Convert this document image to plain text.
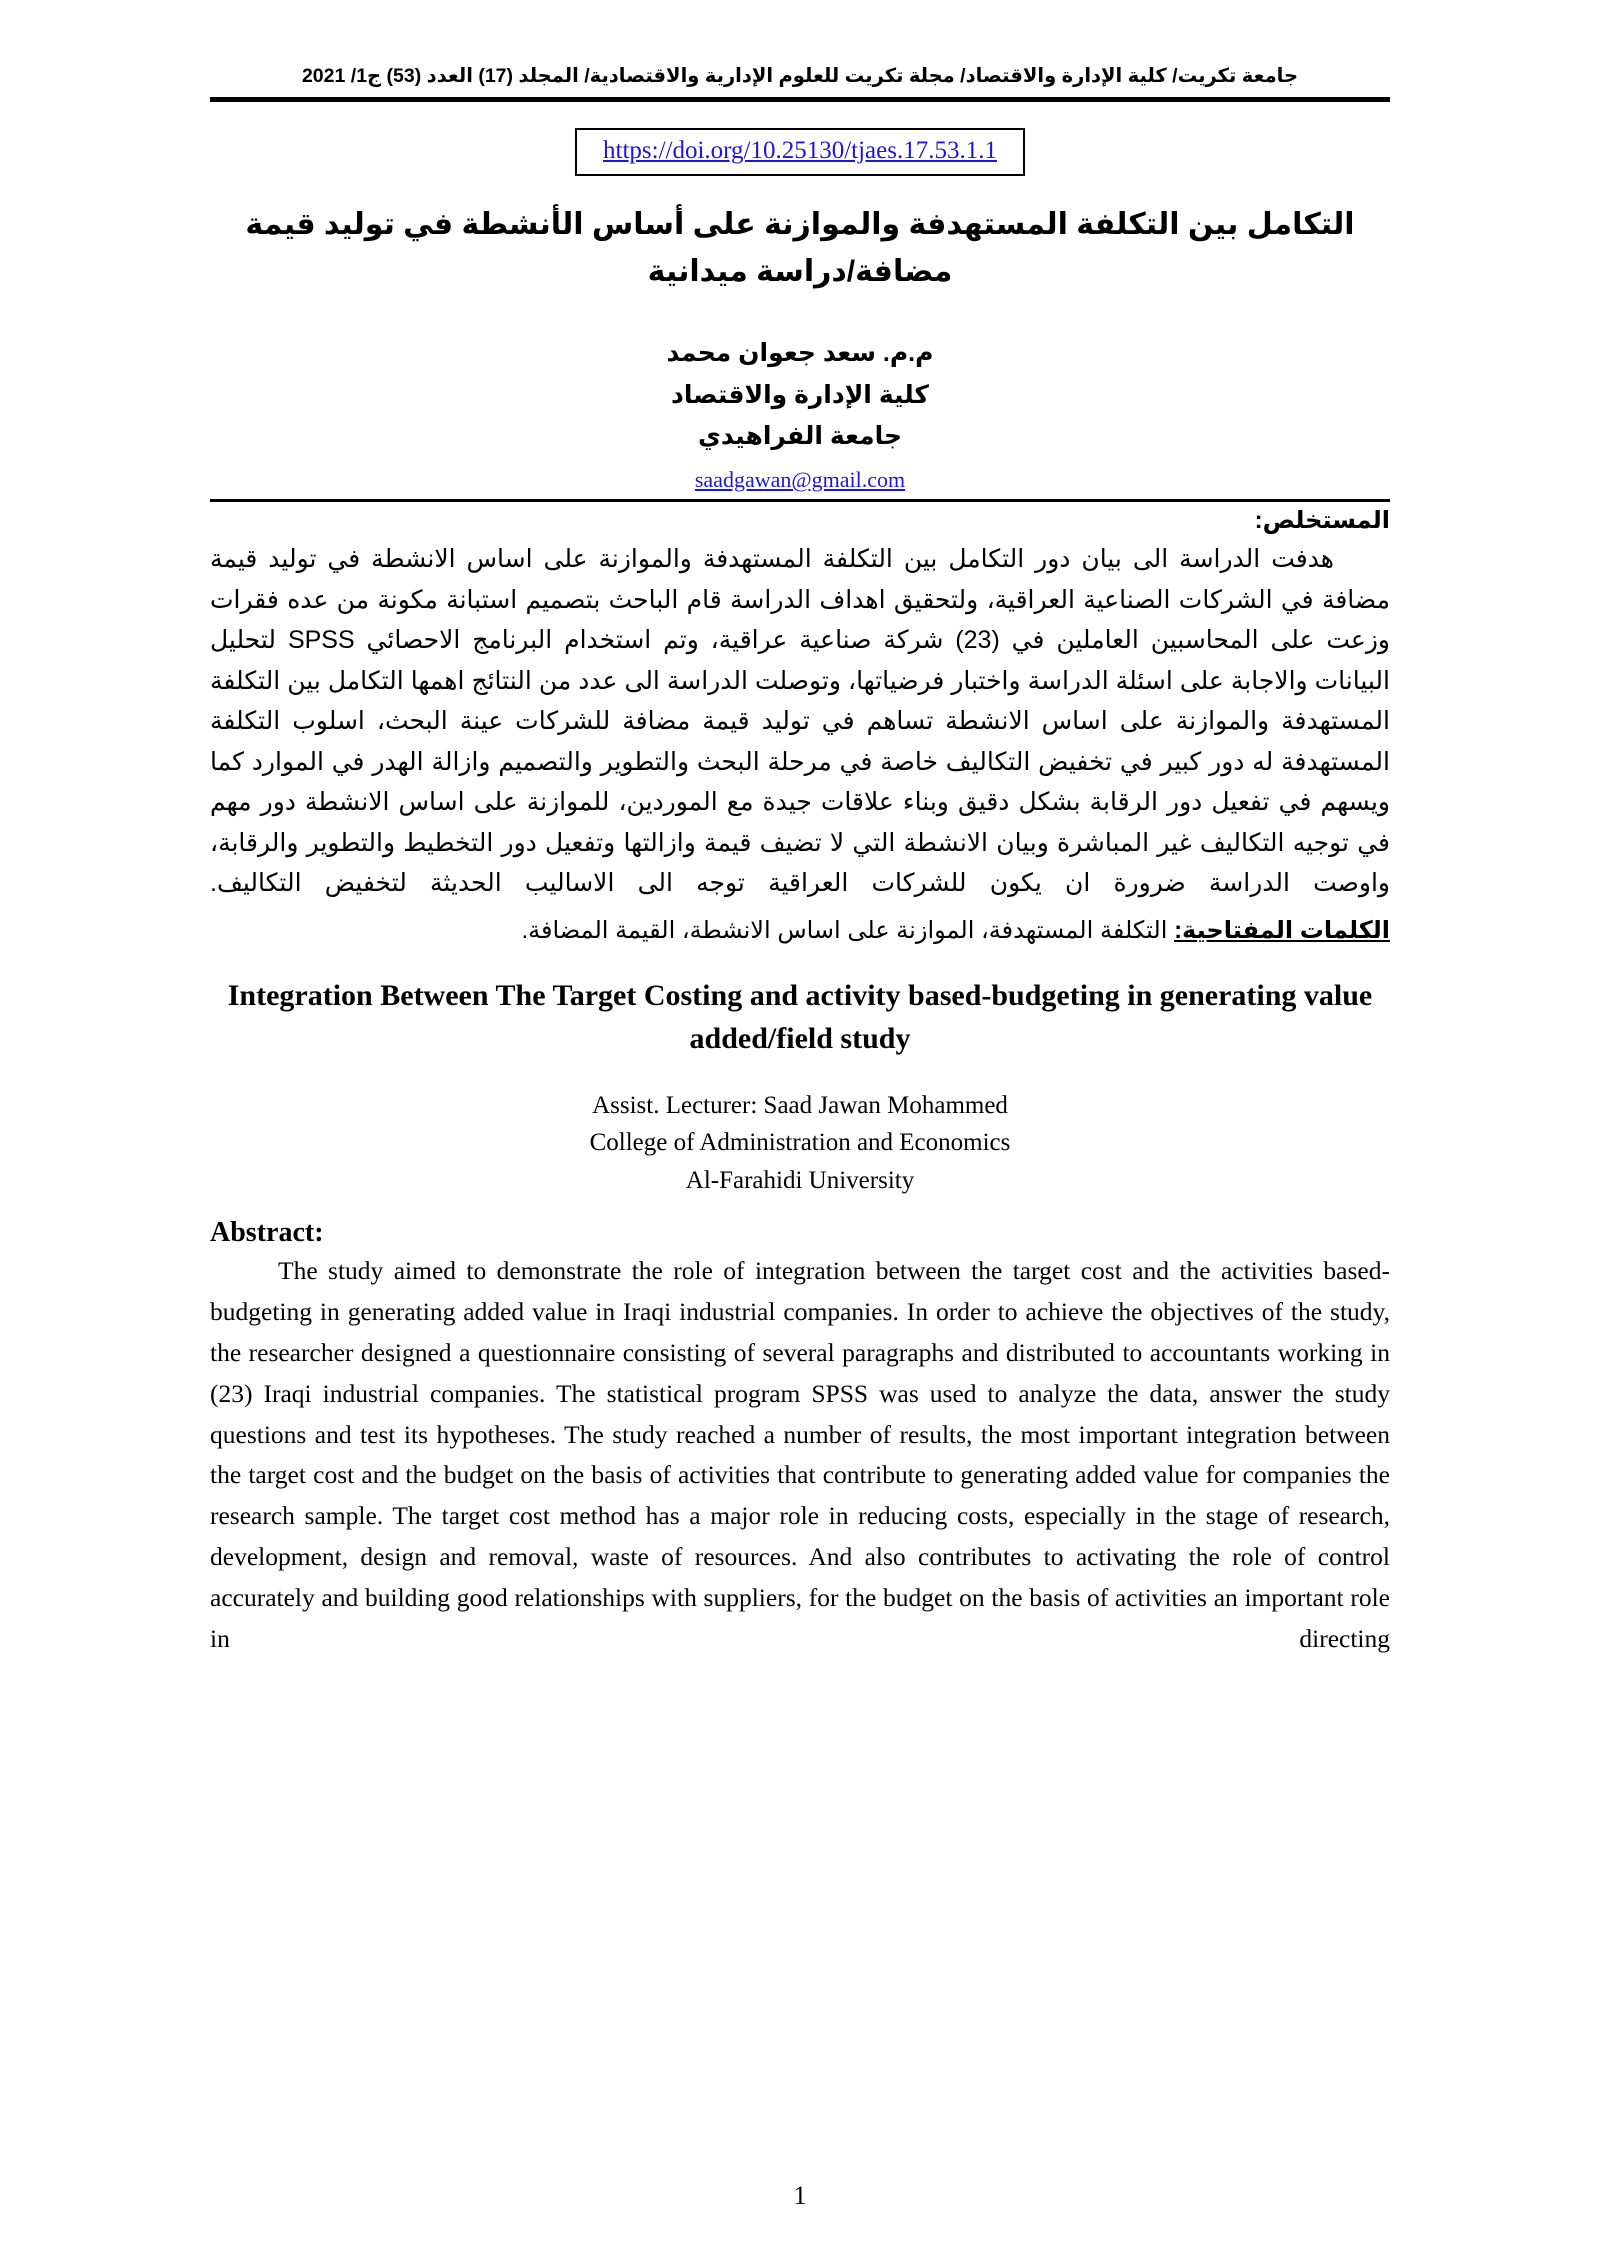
جامعة تكريت/ كلية الإدارة والاقتصاد/ مجلة تكريت للعلوم الإدارية والاقتصادية/ المجلد (17) العدد (53) ج1/ 2021
https://doi.org/10.25130/tjaes.17.53.1.1
التكامل بين التكلفة المستهدفة والموازنة على أساس الأنشطة في توليد قيمة مضافة/دراسة ميدانية
م.م. سعد جعوان محمد
كلية الإدارة والاقتصاد
جامعة الفراهيدي
saadgawan@gmail.com
المستخلص:
هدفت الدراسة الى بيان دور التكامل بين التكلفة المستهدفة والموازنة على اساس الانشطة في توليد قيمة مضافة في الشركات الصناعية العراقية، ولتحقيق اهداف الدراسة قام الباحث بتصميم استبانة مكونة من عده فقرات وزعت على المحاسبين العاملين في (23) شركة صناعية عراقية، وتم استخدام البرنامج الاحصائي SPSS لتحليل البيانات والاجابة على اسئلة الدراسة واختبار فرضياتها، وتوصلت الدراسة الى عدد من النتائج اهمها التكامل بين التكلفة المستهدفة والموازنة على اساس الانشطة تساهم في توليد قيمة مضافة للشركات عينة البحث، اسلوب التكلفة المستهدفة له دور كبير في تخفيض التكاليف خاصة في مرحلة البحث والتطوير والتصميم وازالة الهدر في الموارد كما ويسهم في تفعيل دور الرقابة بشكل دقيق وبناء علاقات جيدة مع الموردين، للموازنة على اساس الانشطة دور مهم في توجيه التكاليف غير المباشرة وبيان الانشطة التي لا تضيف قيمة وازالتها وتفعيل دور التخطيط والتطوير والرقابة، واوصت الدراسة ضرورة ان يكون للشركات العراقية توجه الى الاساليب الحديثة لتخفيض التكاليف.
الكلمات المفتاحية: التكلفة المستهدفة، الموازنة على اساس الانشطة، القيمة المضافة.
Integration Between The Target Costing and activity based-budgeting in generating value added/field study
Assist. Lecturer: Saad Jawan Mohammed
College of Administration and Economics
Al-Farahidi University
Abstract:
The study aimed to demonstrate the role of integration between the target cost and the activities based- budgeting in generating added value in Iraqi industrial companies. In order to achieve the objectives of the study, the researcher designed a questionnaire consisting of several paragraphs and distributed to accountants working in (23) Iraqi industrial companies. The statistical program SPSS was used to analyze the data, answer the study questions and test its hypotheses. The study reached a number of results, the most important integration between the target cost and the budget on the basis of activities that contribute to generating added value for companies the research sample. The target cost method has a major role in reducing costs, especially in the stage of research, development, design and removal, waste of resources. And also contributes to activating the role of control accurately and building good relationships with suppliers, for the budget on the basis of activities an important role in directing
1
